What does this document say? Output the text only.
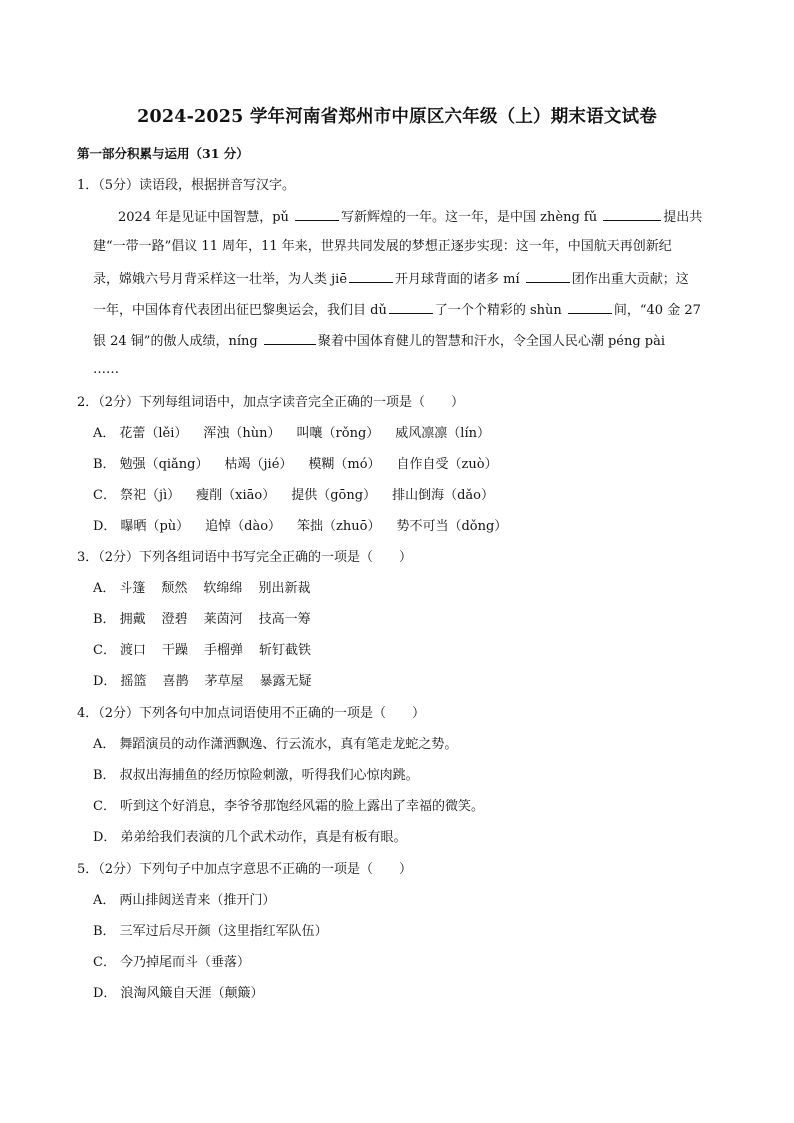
2024-2025 学年河南省郑州市中原区六年级（上）期末语文试卷
第一部分积累与运用（31 分）
1．（5分）读语段，根据拼音写汉字。
2024 年是见证中国智慧，pǔ	写新辉煌的一年。这一年，是中国 zhèng fǔ	提出共
建“一带一路”倡议 11 周年，11 年来，世界共同发展的梦想正逐步实现：这一年，中国航天再创新纪
录，嫦娥六号月背采样这一壮举，为人类 jiē	开月球背面的诸多 mí	团作出重大贡献；这
一年，中国体育代表团出征巴黎奥运会，我们目 dǔ	了一个个精彩的 shùn	间，“40 金 27
银 24 铜”的傲人成绩，níng	聚着中国体育健儿的智慧和汗水，令全国人民心潮 péng pài
……
2．（2分）下列每组词语中，加点字读音完全正确的一项是（　　）
A． 花蕾（lěi） 浑浊（hùn） 叫嚷（rǒng） 威风凛凛（lín）
B． 勉强（qiǎng） 枯竭（jié） 模糊（mó） 自作自受（zuò）
C． 祭祀（jì） 瘦削（xiāo） 提供（gōng） 排山倒海（dǎo）
D． 曝晒（pù） 追悼（dào） 笨拙（zhuō） 势不可当（dǒng）
3．（2分）下列各组词语中书写完全正确的一项是（　　）
A． 斗篷 颓然 软绵绵 别出新裁
B． 拥戴 澄碧 莱茵河 技高一筹
C． 渡口 干躁 手榴弹 斩钉截铁
D． 摇篮 喜鹊 茅草屋 暴露无疑
4．（2分）下列各句中加点词语使用不正确的一项是（　　）
A． 舞蹈演员的动作潇洒飘逸、行云流水，真有笔走龙蛇之势。
B． 叔叔出海捕鱼的经历惊险刺激，听得我们心惊肉跳。
C． 听到这个好消息，李爷爷那饱经风霜的脸上露出了幸福的微笑。
D． 弟弟给我们表演的几个武术动作，真是有板有眼。
5．（2分）下列句子中加点字意思不正确的一项是（　　）
A． 两山排闼送青来（推开门）
B． 三军过后尽开颜（这里指红军队伍）
C． 今乃掉尾而斗（垂落）
D． 浪淘风簸自天涯（颠簸）
